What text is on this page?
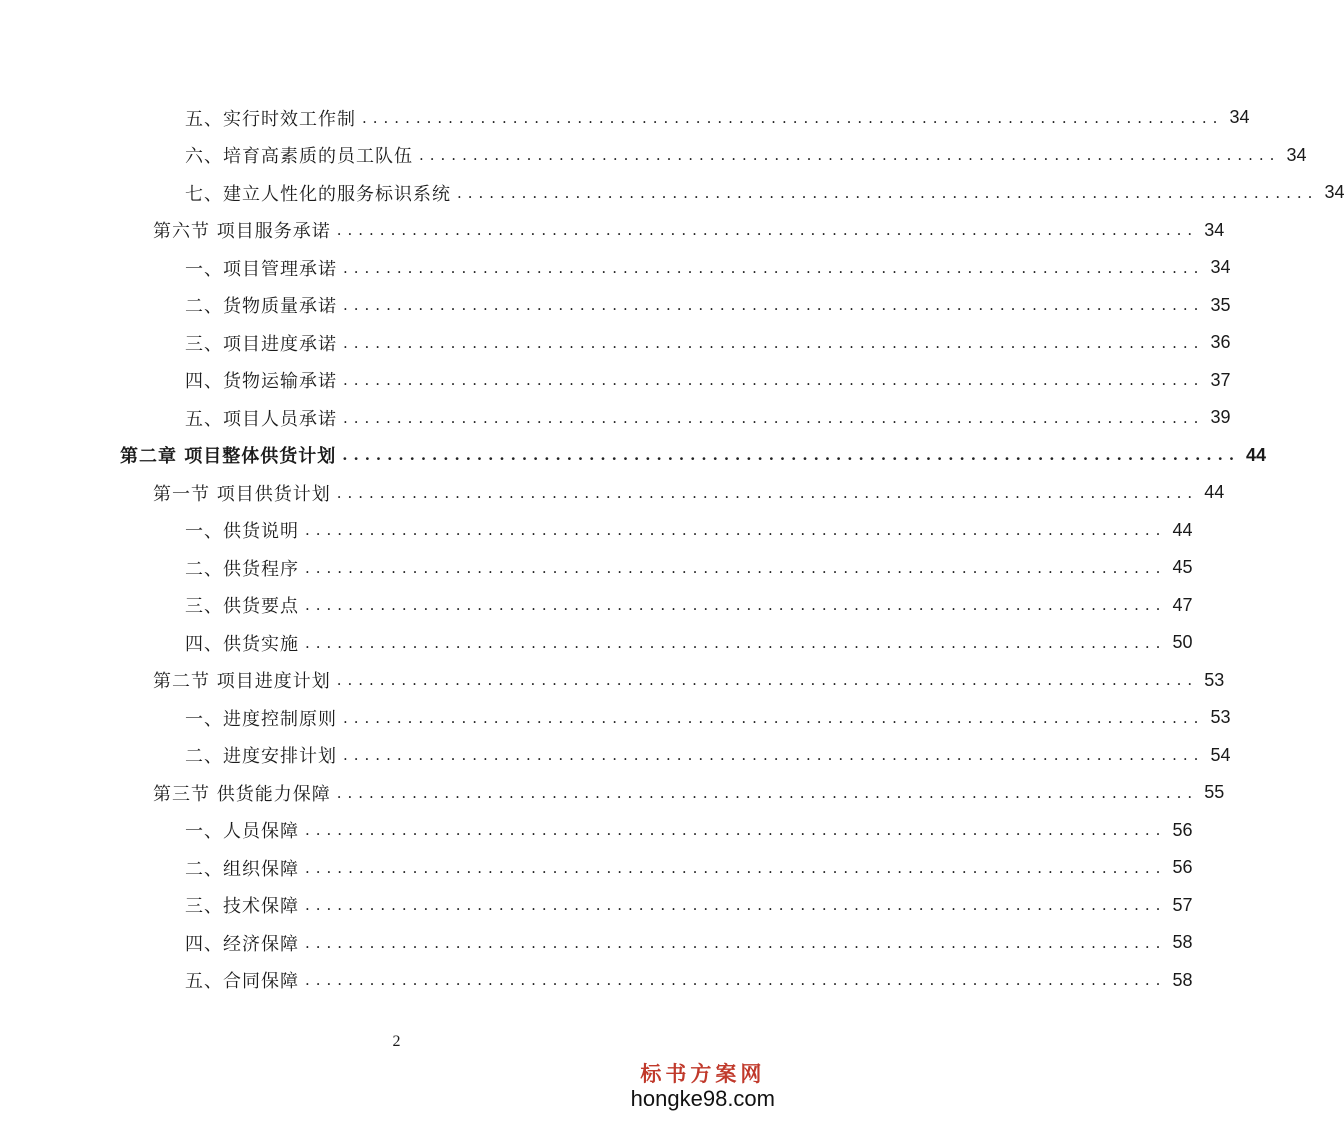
五、实行时效工作制 ................................................................................ 34
六、培育高素质的员工队伍 ................................................................................ 34
七、建立人性化的服务标识系统 ................................................................................ 34
第六节 项目服务承诺 ................................................................................ 34
一、项目管理承诺 ................................................................................ 34
二、货物质量承诺 ................................................................................ 35
三、项目进度承诺 ................................................................................ 36
四、货物运输承诺 ................................................................................ 37
五、项目人员承诺 ................................................................................ 39
第二章 项目整体供货计划 ................................................................................ 44
第一节 项目供货计划 ................................................................................ 44
一、供货说明 ................................................................................ 44
二、供货程序 ................................................................................ 45
三、供货要点 ................................................................................ 47
四、供货实施 ................................................................................ 50
第二节 项目进度计划 ................................................................................ 53
一、进度控制原则 ................................................................................ 53
二、进度安排计划 ................................................................................ 54
第三节 供货能力保障 ................................................................................ 55
一、人员保障 ................................................................................ 56
二、组织保障 ................................................................................ 56
三、技术保障 ................................................................................ 57
四、经济保障 ................................................................................ 58
五、合同保障 ................................................................................ 58
2
标书方案网
hongke98.com
